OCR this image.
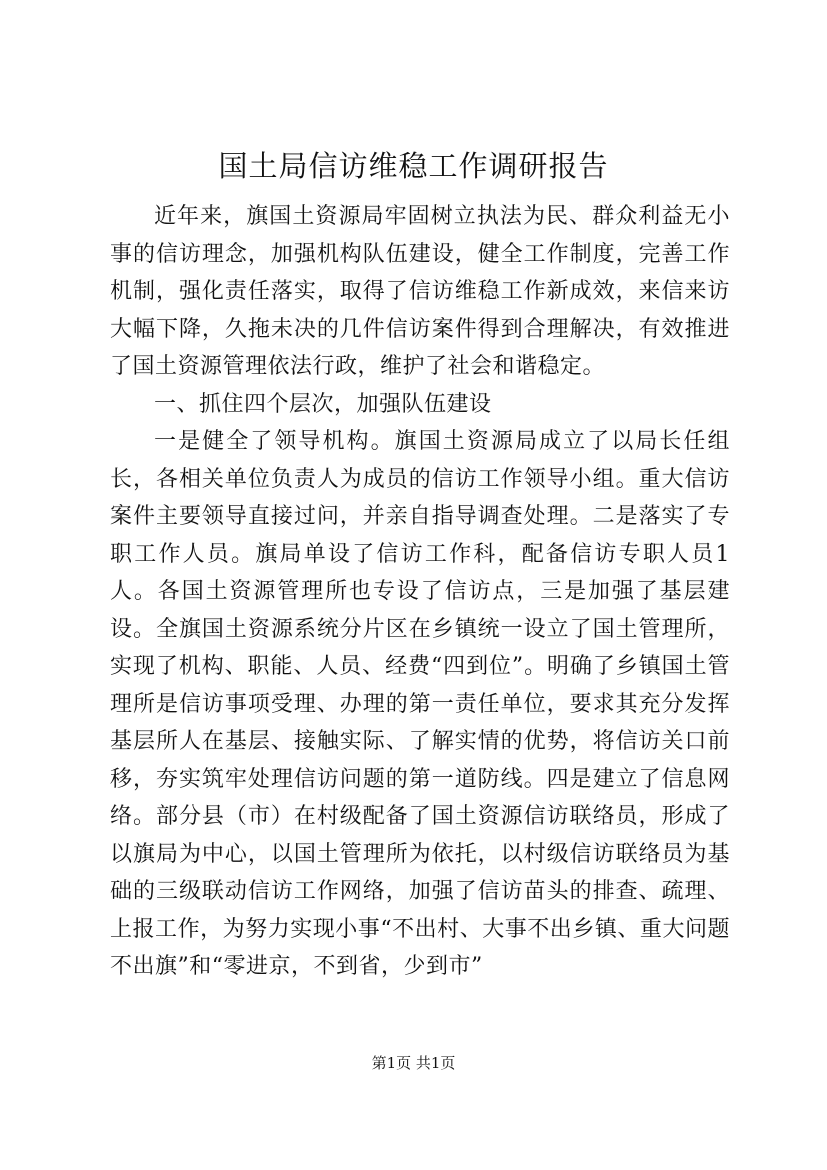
国土局信访维稳工作调研报告

近年来，旗国土资源局牢固树立执法为民、群众利益无小事的信访理念，加强机构队伍建设，健全工作制度，完善工作机制，强化责任落实，取得了信访维稳工作新成效，来信来访大幅下降，久拖未决的几件信访案件得到合理解决，有效推进了国土资源管理依法行政，维护了社会和谐稳定。

一、抓住四个层次，加强队伍建设

一是健全了领导机构。旗国土资源局成立了以局长任组长，各相关单位负责人为成员的信访工作领导小组。重大信访案件主要领导直接过问，并亲自指导调查处理。二是落实了专职工作人员。旗局单设了信访工作科，配备信访专职人员1人。各国土资源管理所也专设了信访点，三是加强了基层建设。全旗国土资源系统分片区在乡镇统一设立了国土管理所，实现了机构、职能、人员、经费“四到位”。明确了乡镇国土管理所是信访事项受理、办理的第一责任单位，要求其充分发挥基层所人在基层、接触实际、了解实情的优势，将信访关口前移，夯实筑牢处理信访问题的第一道防线。四是建立了信息网络。部分县（市）在村级配备了国土资源信访联络员，形成了以旗局为中心，以国土管理所为依托，以村级信访联络员为基础的三级联动信访工作网络，加强了信访苗头的排查、疏理、上报工作，为努力实现小事“不出村、大事不出乡镇、重大问题不出旗”和“零进京，不到省，少到市”

第1页 共1页
